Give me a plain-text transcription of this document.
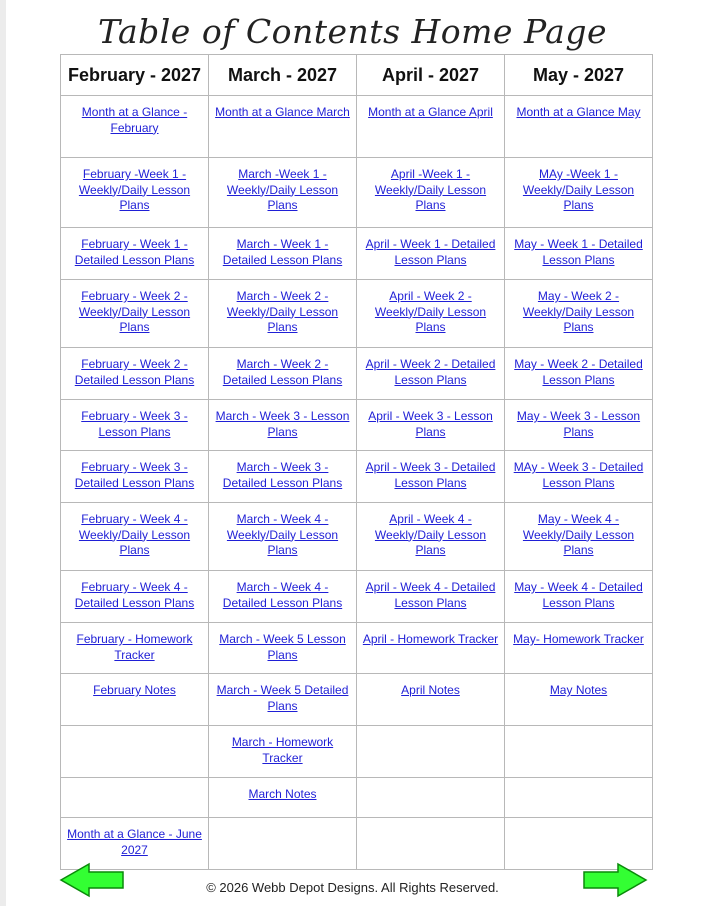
Table of Contents Home Page
February - 2027	March - 2027	April - 2027	May - 2027
Month at a Glance - February	Month at a Glance March	Month at a Glance April	Month at a Glance May
February -Week 1 - Weekly/Daily Lesson Plans	March -Week 1 - Weekly/Daily Lesson Plans	April -Week 1 - Weekly/Daily Lesson Plans	MAy -Week 1 - Weekly/Daily Lesson Plans
February - Week 1 - Detailed Lesson Plans	March - Week 1 - Detailed Lesson Plans	April - Week 1 - Detailed Lesson Plans	May - Week 1 - Detailed Lesson Plans
February - Week 2 - Weekly/Daily Lesson Plans	March - Week 2 - Weekly/Daily Lesson Plans	April - Week 2 - Weekly/Daily Lesson Plans	May - Week 2 - Weekly/Daily Lesson Plans
February - Week 2 - Detailed Lesson Plans	March - Week 2 - Detailed Lesson Plans	April - Week 2 - Detailed Lesson Plans	May - Week 2 - Detailed Lesson Plans
February - Week 3 - Lesson Plans	March - Week 3 - Lesson Plans	April - Week 3 - Lesson Plans	May - Week 3 - Lesson Plans
February - Week 3 - Detailed Lesson Plans	March - Week 3 - Detailed Lesson Plans	April - Week 3 - Detailed Lesson Plans	MAy - Week 3 - Detailed Lesson Plans
February - Week 4 - Weekly/Daily Lesson Plans	March - Week 4 - Weekly/Daily Lesson Plans	April - Week 4 - Weekly/Daily Lesson Plans	May - Week 4 - Weekly/Daily Lesson Plans
February - Week 4 - Detailed Lesson Plans	March - Week 4 - Detailed Lesson Plans	April - Week 4 - Detailed Lesson Plans	May - Week 4 - Detailed Lesson Plans
February - Homework Tracker	March - Week 5 Lesson Plans	April - Homework Tracker	May- Homework Tracker
February Notes	March - Week 5 Detailed Plans	April Notes	May Notes
	March - Homework Tracker		
	March Notes		
Month at a Glance - June 2027			
© 2026 Webb Depot Designs. All Rights Reserved.
